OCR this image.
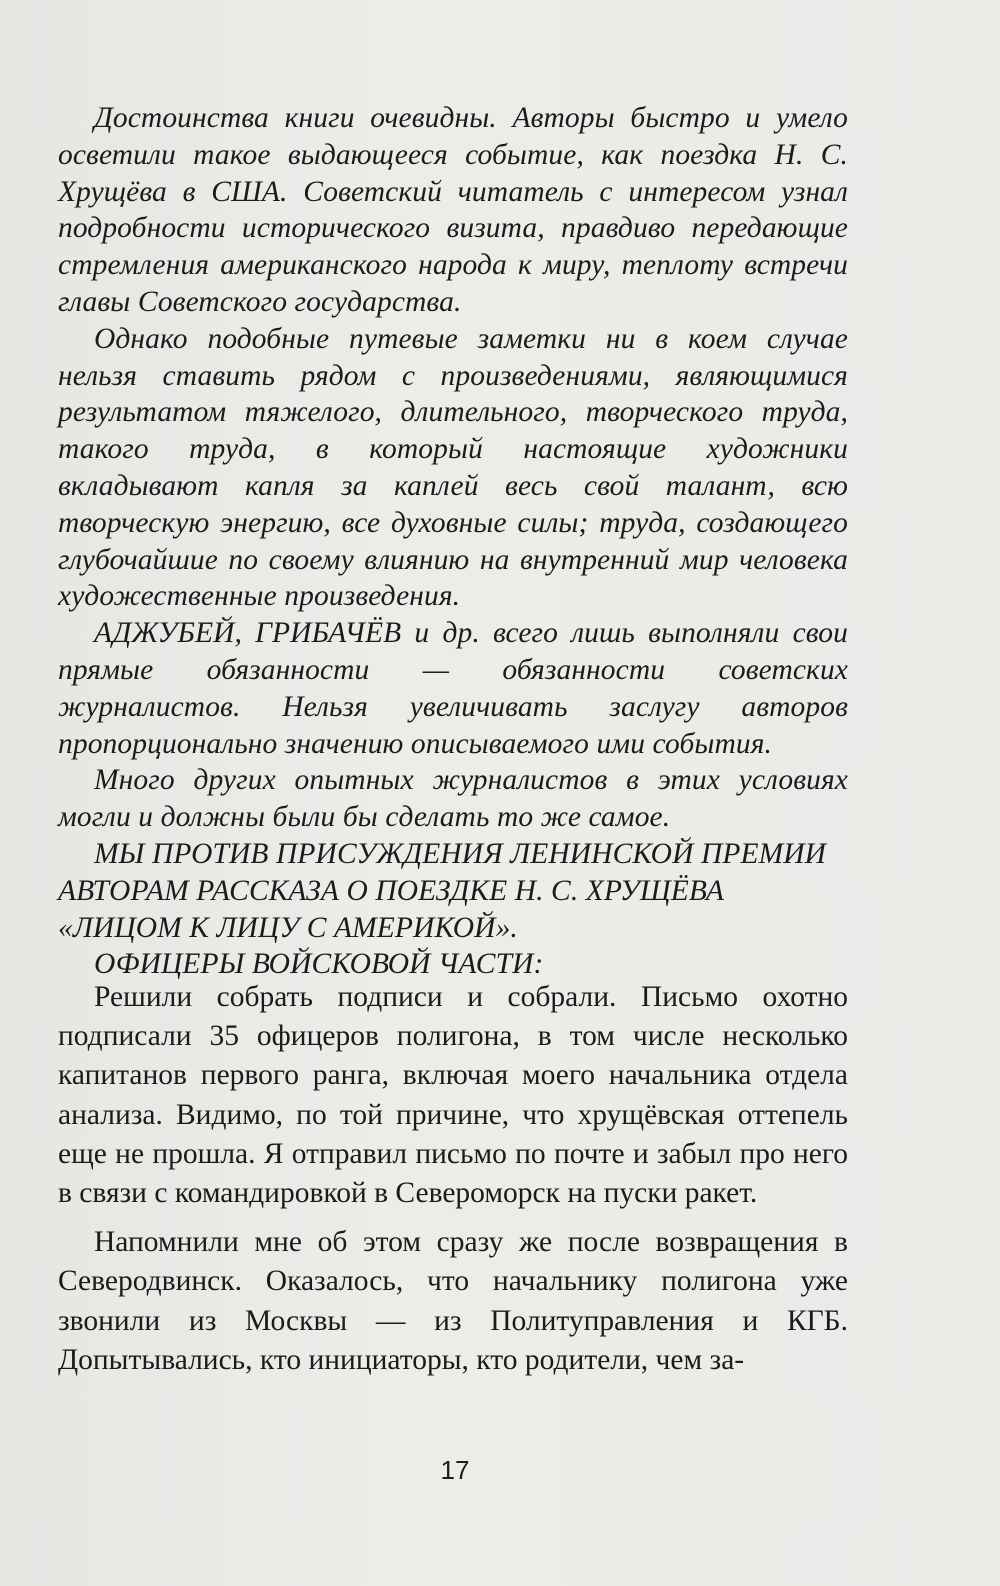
Достоинства книги очевидны. Авторы быстро и умело осветили такое выдающееся событие, как поездка Н. С. Хрущёва в США. Советский читатель с интересом узнал подробности исторического визита, правдиво передающие стремления американского народа к миру, теплоту встречи главы Советского государства.

Однако подобные путевые заметки ни в коем случае нельзя ставить рядом с произведениями, являющимися результатом тяжелого, длительного, творческого труда, такого труда, в который настоящие художники вкладывают капля за каплей весь свой талант, всю творческую энергию, все духовные силы; труда, создающего глубочайшие по своему влиянию на внутренний мир человека художественные произведения.

АДЖУБЕЙ, ГРИБАЧЁВ и др. всего лишь выполняли свои прямые обязанности — обязанности советских журналистов. Нельзя увеличивать заслугу авторов пропорционально значению описываемого ими события.

Много других опытных журналистов в этих условиях могли и должны были бы сделать то же самое.

МЫ ПРОТИВ ПРИСУЖДЕНИЯ ЛЕНИНСКОЙ ПРЕМИИ АВТОРАМ РАССКАЗА О ПОЕЗДКЕ Н. С. ХРУЩЁВА «ЛИЦОМ К ЛИЦУ С АМЕРИКОЙ».

ОФИЦЕРЫ ВОЙСКОВОЙ ЧАСТИ:

Решили собрать подписи и собрали. Письмо охотно подписали 35 офицеров полигона, в том числе несколько капитанов первого ранга, включая моего начальника отдела анализа. Видимо, по той причине, что хрущёвская оттепель еще не прошла. Я отправил письмо по почте и забыл про него в связи с командировкой в Североморск на пуски ракет.

Напомнили мне об этом сразу же после возвращения в Северодвинск. Оказалось, что начальнику полигона уже звонили из Москвы — из Политуправления и КГБ. Допытывались, кто инициаторы, кто родители, чем за-

17
